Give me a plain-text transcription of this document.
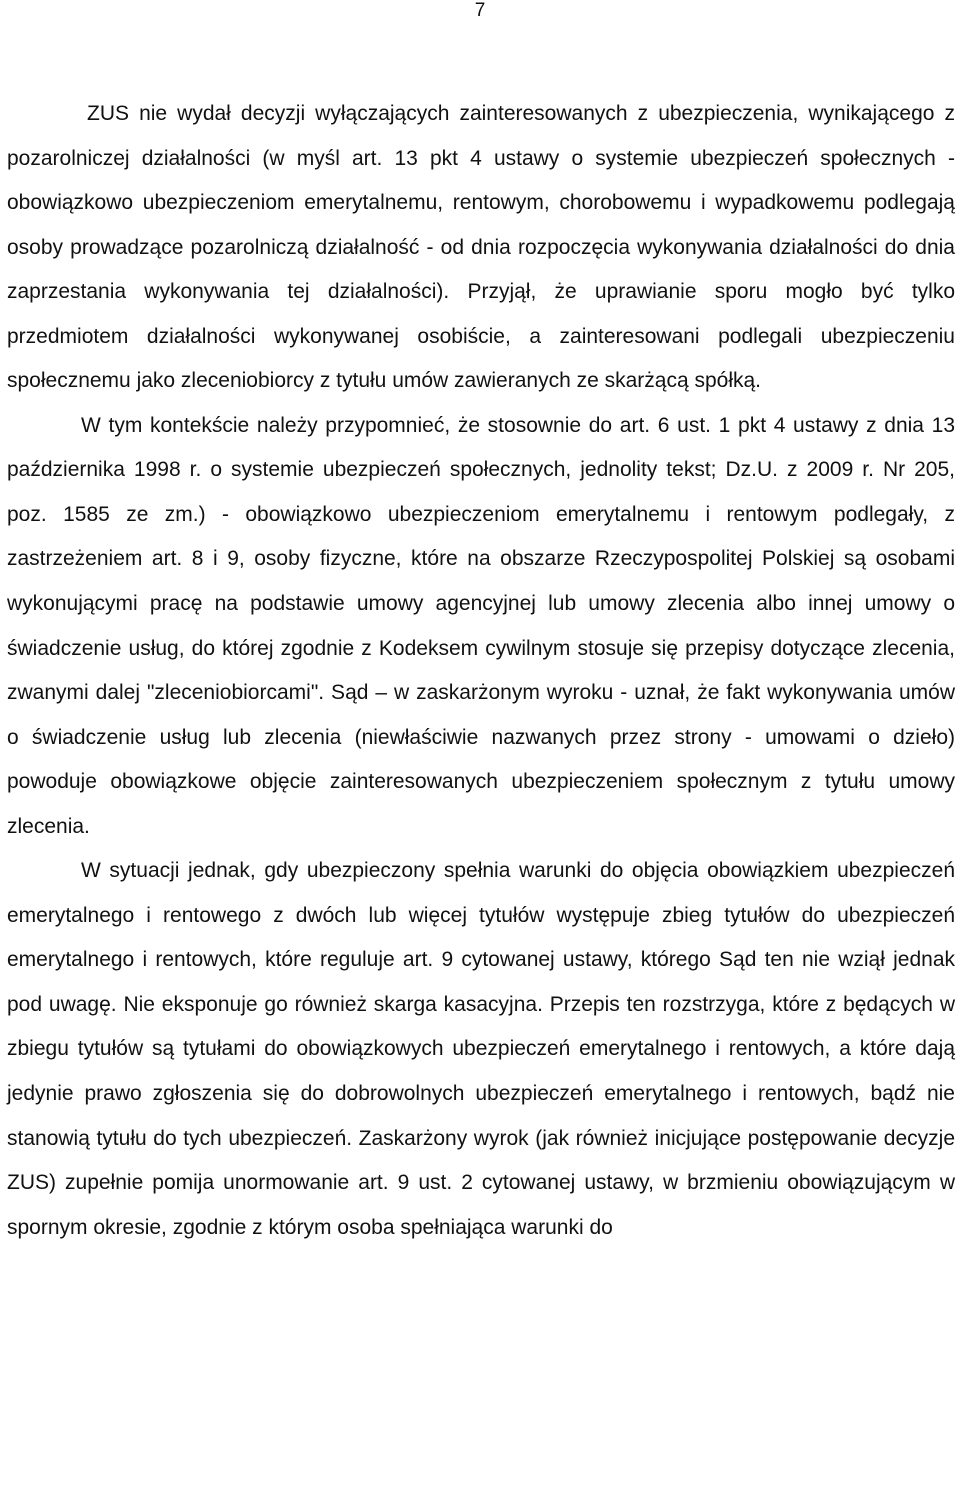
7

ZUS nie wydał decyzji wyłączających zainteresowanych z ubezpieczenia, wynikającego z pozarolniczej działalności (w myśl art. 13 pkt 4 ustawy o systemie ubezpieczeń społecznych - obowiązkowo ubezpieczeniom emerytalnemu, rentowym, chorobowemu i wypadkowemu podlegają osoby prowadzące pozarolniczą działalność - od dnia rozpoczęcia wykonywania działalności do dnia zaprzestania wykonywania tej działalności). Przyjął, że uprawianie sporu mogło być tylko przedmiotem działalności wykonywanej osobiście, a zainteresowani podlegali ubezpieczeniu społecznemu jako zleceniobiorcy z tytułu umów zawieranych ze skarżącą spółką.

W tym kontekście należy przypomnieć, że stosownie do art. 6 ust. 1 pkt 4 ustawy z dnia 13 października 1998 r. o systemie ubezpieczeń społecznych, jednolity tekst; Dz.U. z 2009 r. Nr 205, poz. 1585 ze zm.) - obowiązkowo ubezpieczeniom emerytalnemu i rentowym podlegały, z zastrzeżeniem art. 8 i 9, osoby fizyczne, które na obszarze Rzeczypospolitej Polskiej są osobami wykonującymi pracę na podstawie umowy agencyjnej lub umowy zlecenia albo innej umowy o świadczenie usług, do której zgodnie z Kodeksem cywilnym stosuje się przepisy dotyczące zlecenia, zwanymi dalej "zleceniobiorcami". Sąd – w zaskarżonym wyroku - uznał, że fakt wykonywania umów o świadczenie usług lub zlecenia (niewłaściwie nazwanych przez strony - umowami o dzieło) powoduje obowiązkowe objęcie zainteresowanych ubezpieczeniem społecznym z tytułu umowy zlecenia.

W sytuacji jednak, gdy ubezpieczony spełnia warunki do objęcia obowiązkiem ubezpieczeń emerytalnego i rentowego z dwóch lub więcej tytułów występuje zbieg tytułów do ubezpieczeń emerytalnego i rentowych, które reguluje art. 9 cytowanej ustawy, którego Sąd ten nie wziął jednak pod uwagę. Nie eksponuje go również skarga kasacyjna. Przepis ten rozstrzyga, które z będących w zbiegu tytułów są tytułami do obowiązkowych ubezpieczeń emerytalnego i rentowych, a które dają jedynie prawo zgłoszenia się do dobrowolnych ubezpieczeń emerytalnego i rentowych, bądź nie stanowią tytułu do tych ubezpieczeń. Zaskarżony wyrok (jak również inicjujące postępowanie decyzje ZUS) zupełnie pomija unormowanie art. 9 ust. 2 cytowanej ustawy, w brzmieniu obowiązującym w spornym okresie, zgodnie z którym osoba spełniająca warunki do
